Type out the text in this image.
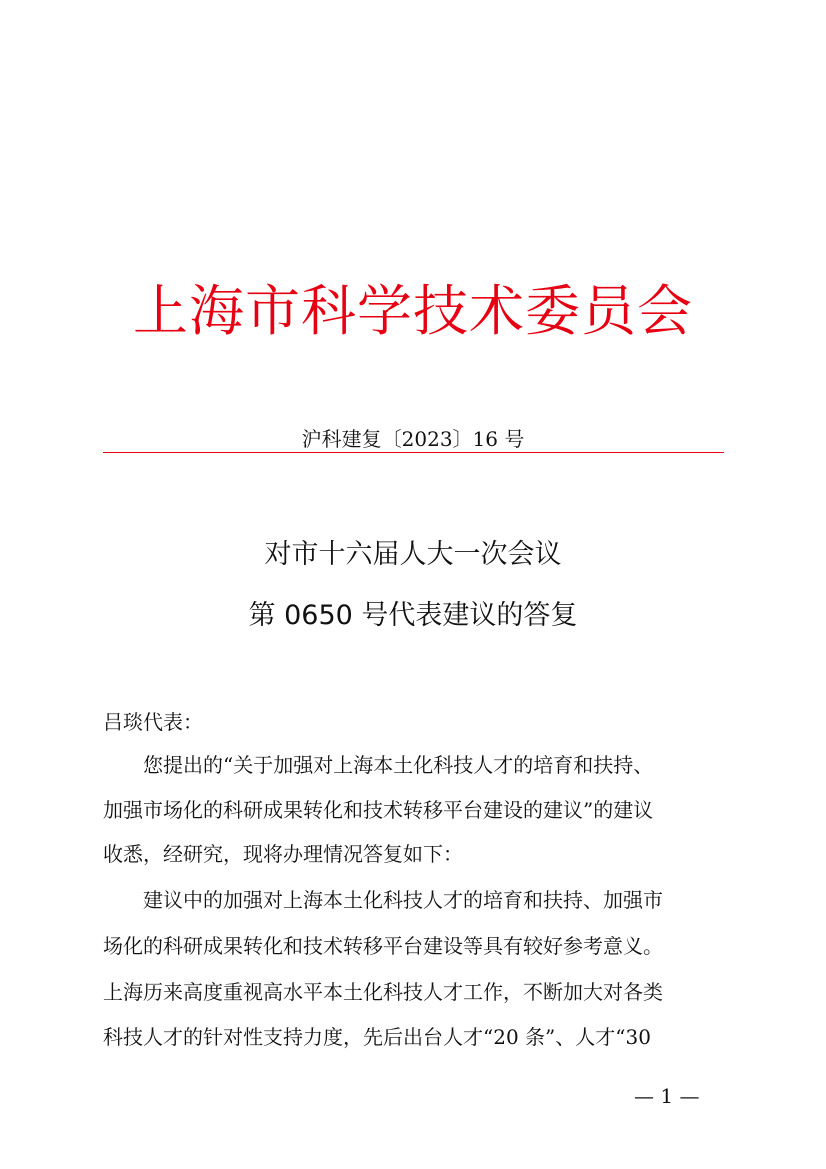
上海市科学技术委员会
沪科建复〔2023〕16 号
对市十六届人大一次会议
第 0650 号代表建议的答复
吕琰代表：
您提出的“关于加强对上海本土化科技人才的培育和扶持、
加强市场化的科研成果转化和技术转移平台建设的建议”的建议
收悉，经研究，现将办理情况答复如下：
建议中的加强对上海本土化科技人才的培育和扶持、加强市
场化的科研成果转化和技术转移平台建设等具有较好参考意义。
上海历来高度重视高水平本土化科技人才工作，不断加大对各类
科技人才的针对性支持力度，先后出台人才“20 条”、人才“30
— 1 —
